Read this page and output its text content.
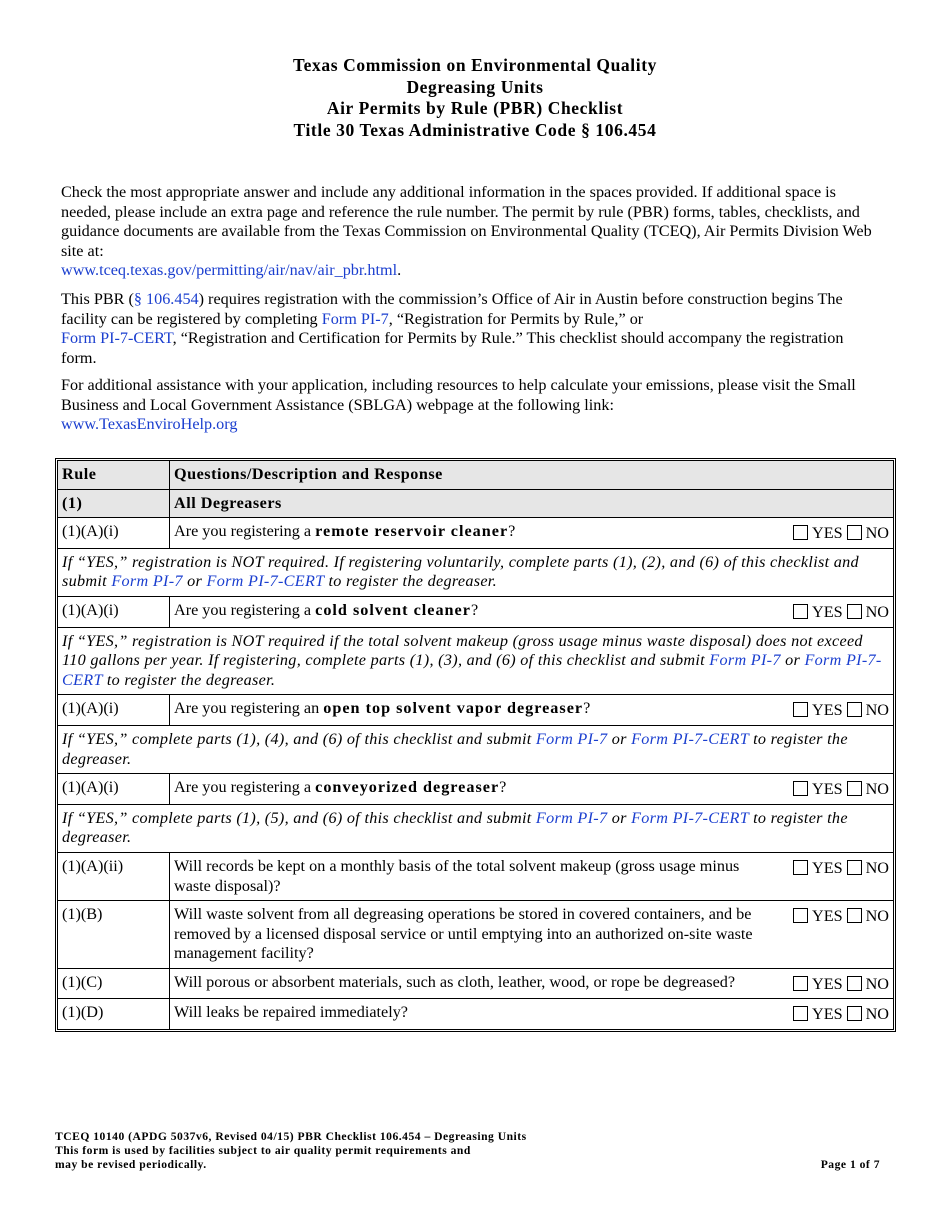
Texas Commission on Environmental Quality
Degreasing Units
Air Permits by Rule (PBR) Checklist
Title 30 Texas Administrative Code § 106.454
Check the most appropriate answer and include any additional information in the spaces provided. If additional space is needed, please include an extra page and reference the rule number. The permit by rule (PBR) forms, tables, checklists, and guidance documents are available from the Texas Commission on Environmental Quality (TCEQ), Air Permits Division Web site at:
www.tceq.texas.gov/permitting/air/nav/air_pbr.html.
This PBR (§ 106.454) requires registration with the commission’s Office of Air in Austin before construction begins The facility can be registered by completing Form PI-7, “Registration for Permits by Rule,” or
Form PI-7-CERT, “Registration and Certification for Permits by Rule.” This checklist should accompany the registration form.
For additional assistance with your application, including resources to help calculate your emissions, please visit the Small Business and Local Government Assistance (SBLGA) webpage at the following link:
www.TexasEnviroHelp.org
Rule	Questions/Description and Response
(1)	All Degreasers
(1)(A)(i)	Are you registering a remote reservoir cleaner? YES NO

If “YES,” registration is NOT required. If registering voluntarily, complete parts (1), (2), and (6) of this checklist and submit Form PI-7 or Form PI-7-CERT to register the degreaser.	
(1)(A)(i)	Are you registering a cold solvent cleaner? YES NO

If “YES,” registration is NOT required if the total solvent makeup (gross usage minus waste disposal) does not exceed 110 gallons per year. If registering, complete parts (1), (3), and (6) of this checklist and submit Form PI-7 or Form PI-7-CERT to register the degreaser.	
(1)(A)(i)	Are you registering an open top solvent vapor degreaser? YES NO

If “YES,” complete parts (1), (4), and (6) of this checklist and submit Form PI-7 or Form PI-7-CERT to register the degreaser.	
(1)(A)(i)	Are you registering a conveyorized degreaser? YES NO

If “YES,” complete parts (1), (5), and (6) of this checklist and submit Form PI-7 or Form PI-7-CERT to register the degreaser.	
(1)(A)(ii)	Will records be kept on a monthly basis of the total solvent makeup (gross usage minus waste disposal)?
YES NO

(1)(B)	Will waste solvent from all degreasing operations be stored in covered containers, and be removed by a licensed disposal service or until emptying into an authorized on-site waste management facility?
YES NO

(1)(C)	Will porous or absorbent materials, such as cloth, leather, wood, or rope be degreased? YES NO

(1)(D)	Will leaks be repaired immediately? YES NO
TCEQ 10140 (APDG 5037v6, Revised 04/15) PBR Checklist 106.454 – Degreasing Units
This form is used by facilities subject to air quality permit requirements and
may be revised periodically.	Page 1 of 7
